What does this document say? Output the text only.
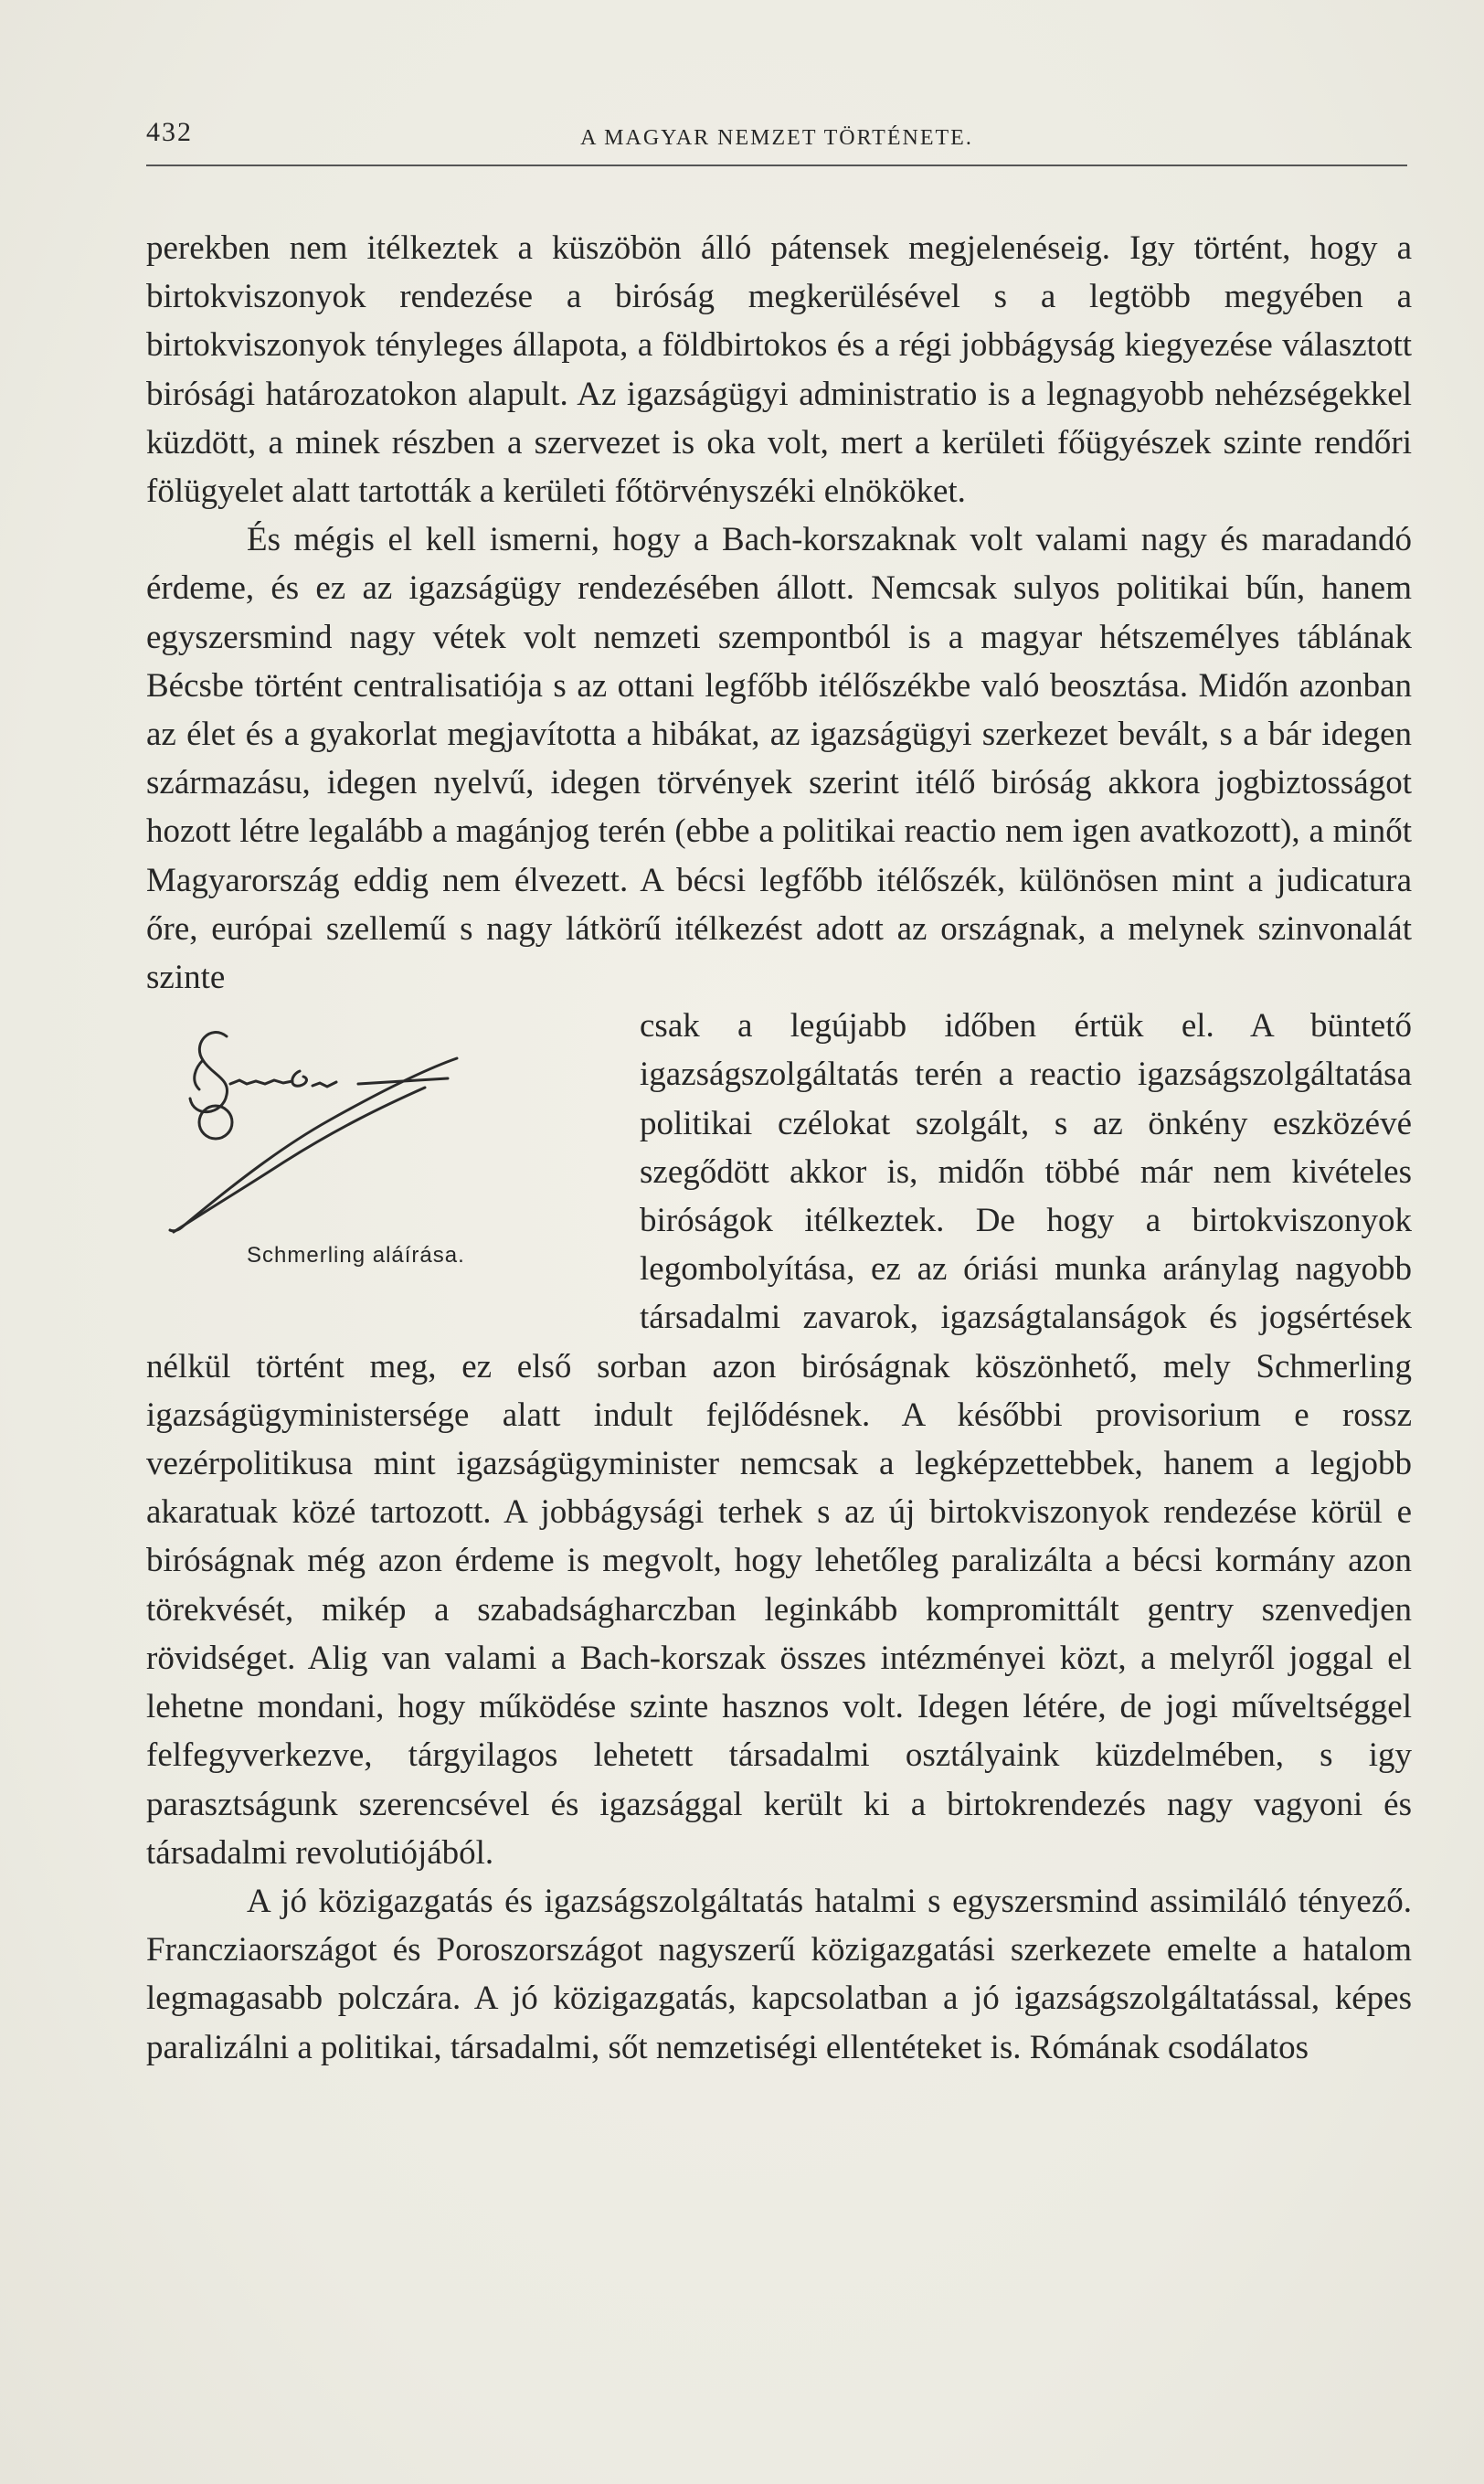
432	A MAGYAR NEMZET TÖRTÉNETE.

perekben nem itélkeztek a küszöbön álló pátensek megjelenéseig. Igy történt, hogy a birtokviszonyok rendezése a biróság megkerülésével s a legtöbb megyében a birtokviszonyok tényleges állapota, a földbirtokos és a régi jobbágyság kiegyezése választott birósági határozatokon alapult. Az igazságügyi administratio is a legnagyobb nehézségekkel küzdött, a minek részben a szervezet is oka volt, mert a kerületi főügyészek szinte rendőri fölügyelet alatt tartották a kerületi főtörvényszéki elnököket.

És mégis el kell ismerni, hogy a Bach-korszaknak volt valami nagy és maradandó érdeme, és ez az igazságügy rendezésében állott. Nemcsak sulyos politikai bűn, hanem egyszersmind nagy vétek volt nemzeti szempontból is a magyar hétszemélyes táblának Bécsbe történt centralisatiója s az ottani legfőbb itélőszékbe való beosztása. Midőn azonban az élet és a gyakorlat megjavította a hibákat, az igazságügyi szerkezet bevált, s a bár idegen származásu, idegen nyelvű, idegen törvények szerint itélő biróság akkora jogbiztosságot hozott létre legalább a magánjog terén (ebbe a politikai reactio nem igen avatkozott), a minőt Magyarország eddig nem élvezett. A bécsi legfőbb itélőszék, különösen mint a judicatura őre, európai szellemű s nagy látkörű itélkezést adott az országnak, a melynek szinvonalát szinte

Schmerling aláírása.

csak a legújabb időben értük el. A büntető igazságszolgáltatás terén a reactio igazságszolgáltatása politikai czélokat szolgált, s az önkény eszközévé szegődött akkor is, midőn többé már nem kivételes biróságok itélkeztek. De hogy a birtokviszonyok legombolyítása, ez az óriási munka aránylag nagyobb társadalmi zavarok, igazságtalanságok és jogsértések nélkül történt meg, ez első sorban azon biróságnak köszönhető, mely Schmerling igazságügyministersége alatt indult fejlődésnek. A későbbi provisorium e rossz vezérpolitikusa mint igazságügyminister nemcsak a legképzettebbek, hanem a legjobb akaratuak közé tartozott. A jobbágysági terhek s az új birtokviszonyok rendezése körül e biróságnak még azon érdeme is megvolt, hogy lehetőleg paralizálta a bécsi kormány azon törekvését, mikép a szabadságharczban leginkább kompromittált gentry szenvedjen rövidséget. Alig van valami a Bach-korszak összes intézményei közt, a melyről joggal el lehetne mondani, hogy működése szinte hasznos volt. Idegen létére, de jogi műveltséggel felfegyverkezve, tárgyilagos lehetett társadalmi osztályaink küzdelmében, s igy parasztságunk szerencsével és igazsággal került ki a birtokrendezés nagy vagyoni és társadalmi revolutiójából.

A jó közigazgatás és igazságszolgáltatás hatalmi s egyszersmind assimiláló tényező. Francziaországot és Poroszországot nagyszerű közigazgatási szerkezete emelte a hatalom legmagasabb polczára. A jó közigazgatás, kapcsolatban a jó igazságszolgáltatással, képes paralizálni a politikai, társadalmi, sőt nemzetiségi ellentéteket is. Rómának csodálatos
